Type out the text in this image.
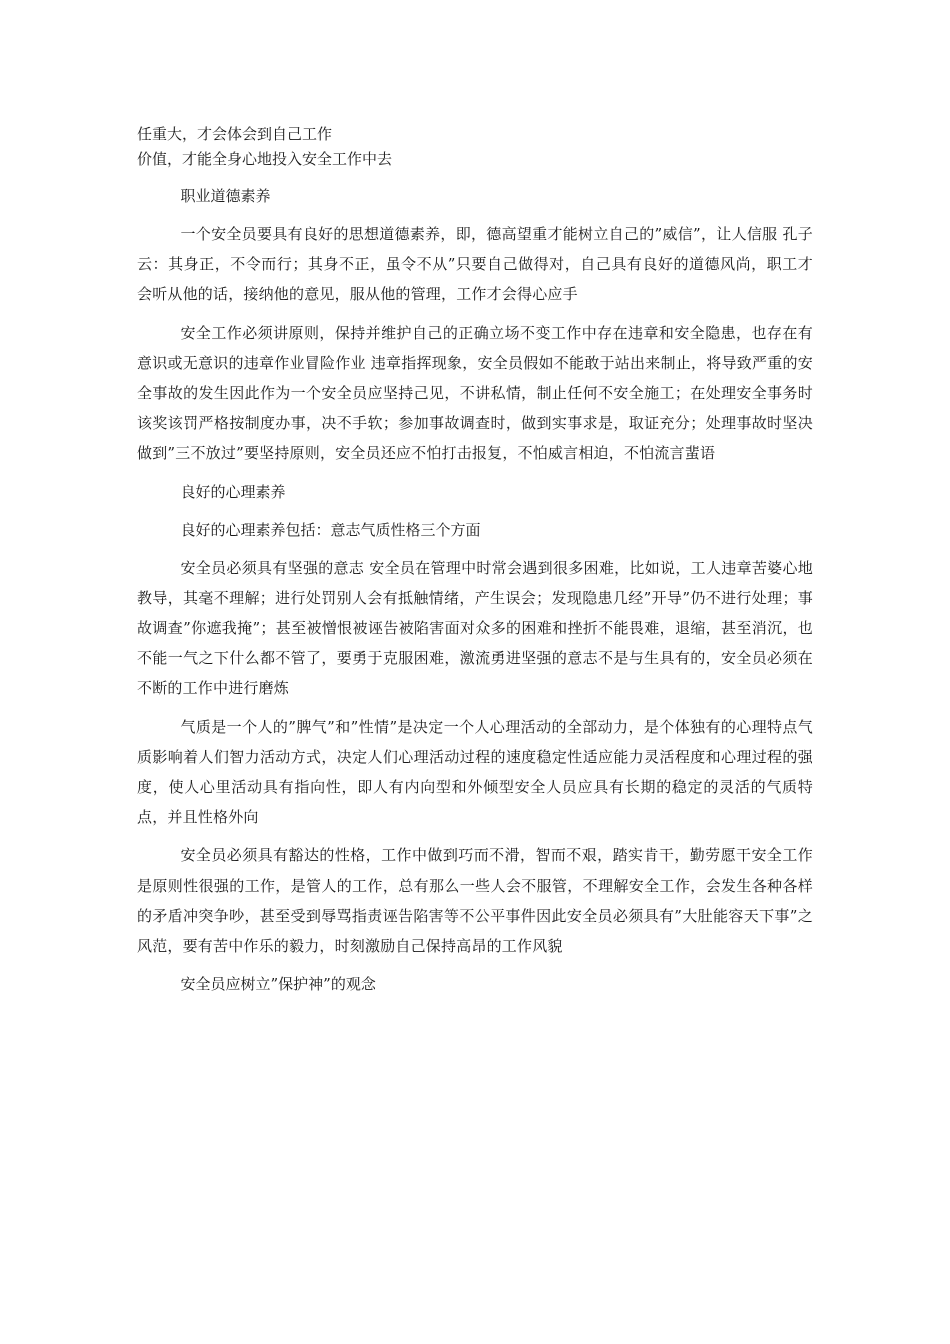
任重大，才会体会到自己工作
价值，才能全身心地投入安全工作中去

职业道德素养

一个安全员要具有良好的思想道德素养，即，德高望重才能树立自己的”威信”，让人信服 孔子云：其身正，不令而行；其身不正，虽令不从”只要自己做得对，自己具有良好的道德风尚，职工才会听从他的话，接纳他的意见，服从他的管理，工作才会得心应手

安全工作必须讲原则，保持并维护自己的正确立场不变工作中存在违章和安全隐患，也存在有意识或无意识的违章作业冒险作业 违章指挥现象，安全员假如不能敢于站出来制止，将导致严重的安全事故的发生因此作为一个安全员应坚持己见，不讲私情，制止任何不安全施工；在处理安全事务时该奖该罚严格按制度办事，决不手软；参加事故调查时，做到实事求是，取证充分；处理事故时坚决做到”三不放过”要坚持原则，安全员还应不怕打击报复，不怕威言相迫，不怕流言蜚语

良好的心理素养

良好的心理素养包括：意志气质性格三个方面

安全员必须具有坚强的意志 安全员在管理中时常会遇到很多困难，比如说，工人违章苦婆心地教导，其毫不理解；进行处罚别人会有抵触情绪，产生误会；发现隐患几经”开导”仍不进行处理；事故调查”你遮我掩”；甚至被憎恨被诬告被陷害面对众多的困难和挫折不能畏难，退缩，甚至消沉，也不能一气之下什么都不管了，要勇于克服困难，激流勇进坚强的意志不是与生具有的，安全员必须在不断的工作中进行磨炼

气质是一个人的”脾气”和”性情”是决定一个人心理活动的全部动力，是个体独有的心理特点气质影响着人们智力活动方式，决定人们心理活动过程的速度稳定性适应能力灵活程度和心理过程的强度，使人心里活动具有指向性，即人有内向型和外倾型安全人员应具有长期的稳定的灵活的气质特点，并且性格外向

安全员必须具有豁达的性格，工作中做到巧而不滑，智而不艰，踏实肯干，勤劳愿干安全工作是原则性很强的工作，是管人的工作，总有那么一些人会不服管，不理解安全工作，会发生各种各样的矛盾冲突争吵，甚至受到辱骂指责诬告陷害等不公平事件因此安全员必须具有”大肚能容天下事”之风范，要有苦中作乐的毅力，时刻激励自己保持高昂的工作风貌

安全员应树立”保护神”的观念
